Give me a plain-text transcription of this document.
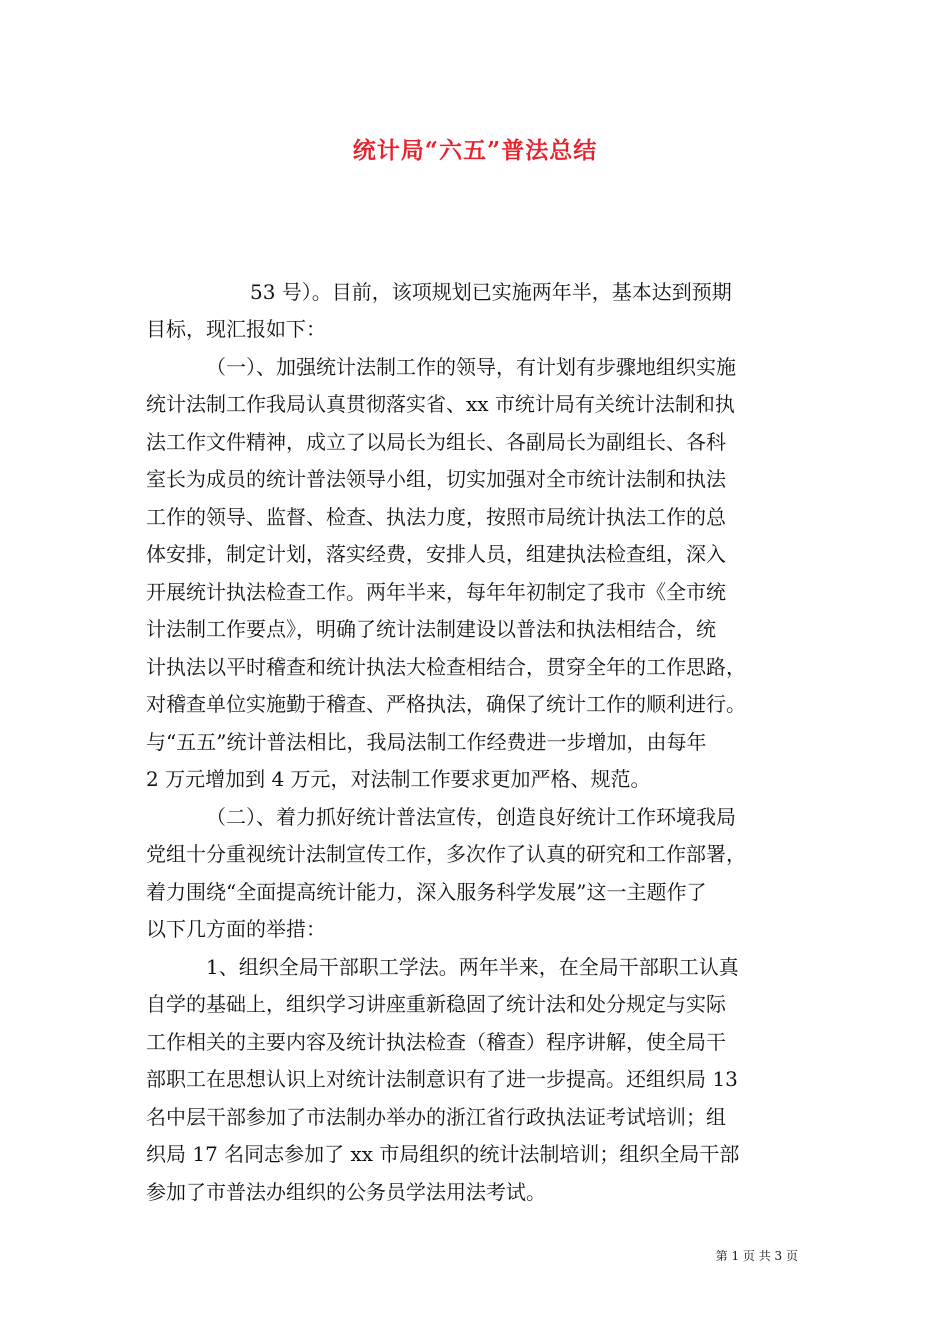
统计局“六五”普法总结
53 号）。目前，该项规划已实施两年半，基本达到预期
目标，现汇报如下：
（一）、加强统计法制工作的领导，有计划有步骤地组织实施
统计法制工作我局认真贯彻落实省、xx 市统计局有关统计法制和执
法工作文件精神，成立了以局长为组长、各副局长为副组长、各科
室长为成员的统计普法领导小组，切实加强对全市统计法制和执法
工作的领导、监督、检查、执法力度，按照市局统计执法工作的总
体安排，制定计划，落实经费，安排人员，组建执法检查组，深入
开展统计执法检查工作。两年半来，每年年初制定了我市《全市统
计法制工作要点》，明确了统计法制建设以普法和执法相结合，统
计执法以平时稽查和统计执法大检查相结合，贯穿全年的工作思路，
对稽查单位实施勤于稽查、严格执法，确保了统计工作的顺利进行。
与“五五”统计普法相比，我局法制工作经费进一步增加，由每年
2 万元增加到 4 万元，对法制工作要求更加严格、规范。
（二）、着力抓好统计普法宣传，创造良好统计工作环境我局
党组十分重视统计法制宣传工作，多次作了认真的研究和工作部署，
着力围绕“全面提高统计能力，深入服务科学发展”这一主题作了
以下几方面的举措：
1、组织全局干部职工学法。两年半来，在全局干部职工认真
自学的基础上，组织学习讲座重新稳固了统计法和处分规定与实际
工作相关的主要内容及统计执法检查（稽查）程序讲解，使全局干
部职工在思想认识上对统计法制意识有了进一步提高。还组织局 13
名中层干部参加了市法制办举办的浙江省行政执法证考试培训；组
织局 17 名同志参加了 xx 市局组织的统计法制培训；组织全局干部
参加了市普法办组织的公务员学法用法考试。
第 1 页 共 3 页
